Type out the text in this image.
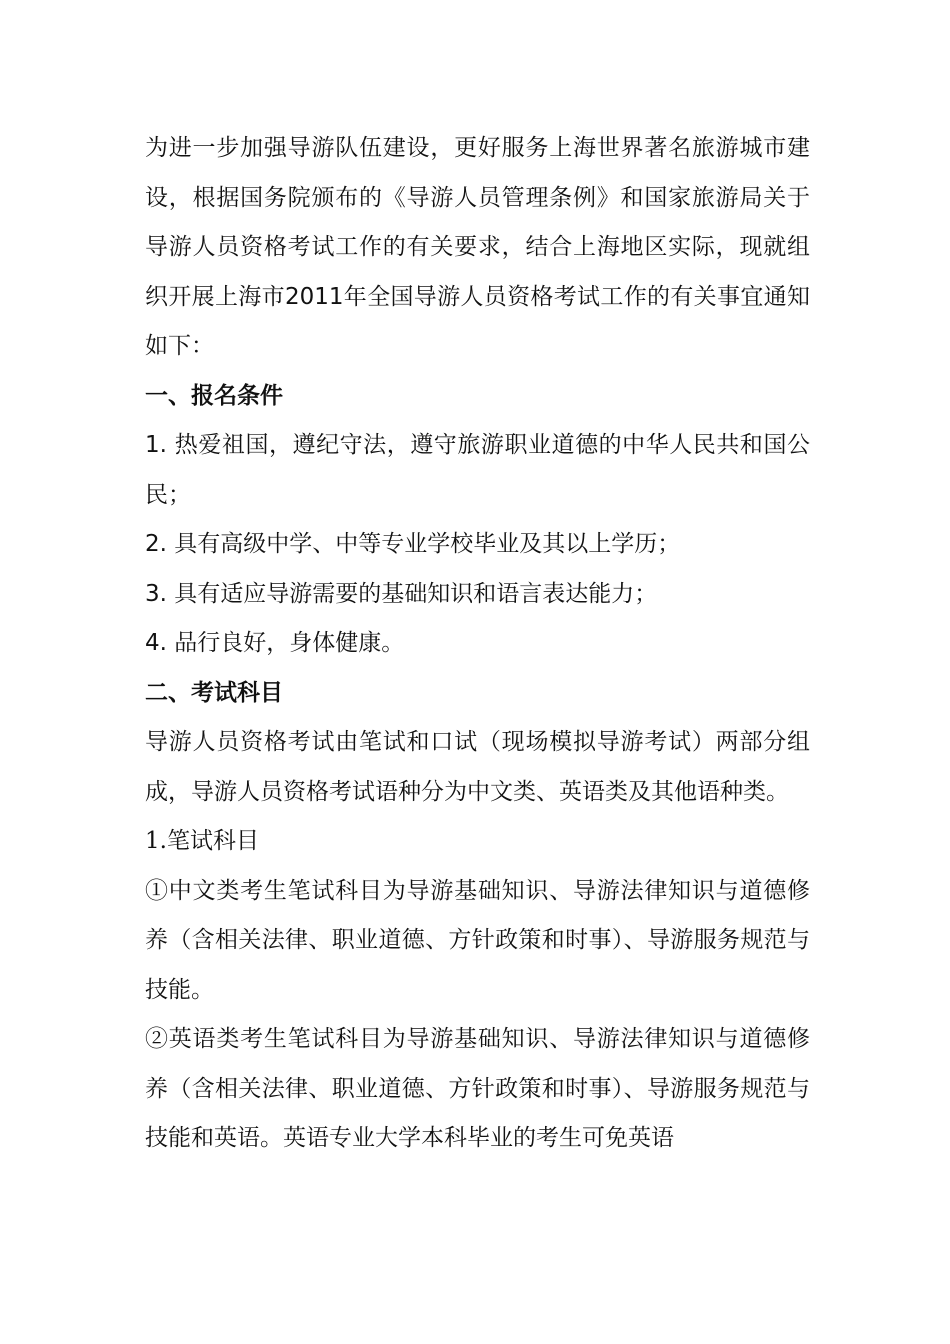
为进一步加强导游队伍建设，更好服务上海世界著名旅游城市建设，根据国务院颁布的《导游人员管理条例》和国家旅游局关于导游人员资格考试工作的有关要求，结合上海地区实际，现就组织开展上海市2011年全国导游人员资格考试工作的有关事宜通知如下：

一、报名条件

1. 热爱祖国，遵纪守法，遵守旅游职业道德的中华人民共和国公民；

2. 具有高级中学、中等专业学校毕业及其以上学历；

3. 具有适应导游需要的基础知识和语言表达能力；

4. 品行良好，身体健康。

二、考试科目

导游人员资格考试由笔试和口试（现场模拟导游考试）两部分组成，导游人员资格考试语种分为中文类、英语类及其他语种类。

1.笔试科目

①中文类考生笔试科目为导游基础知识、导游法律知识与道德修养（含相关法律、职业道德、方针政策和时事）、导游服务规范与技能。

②英语类考生笔试科目为导游基础知识、导游法律知识与道德修养（含相关法律、职业道德、方针政策和时事）、导游服务规范与技能和英语。英语专业大学本科毕业的考生可免英语
